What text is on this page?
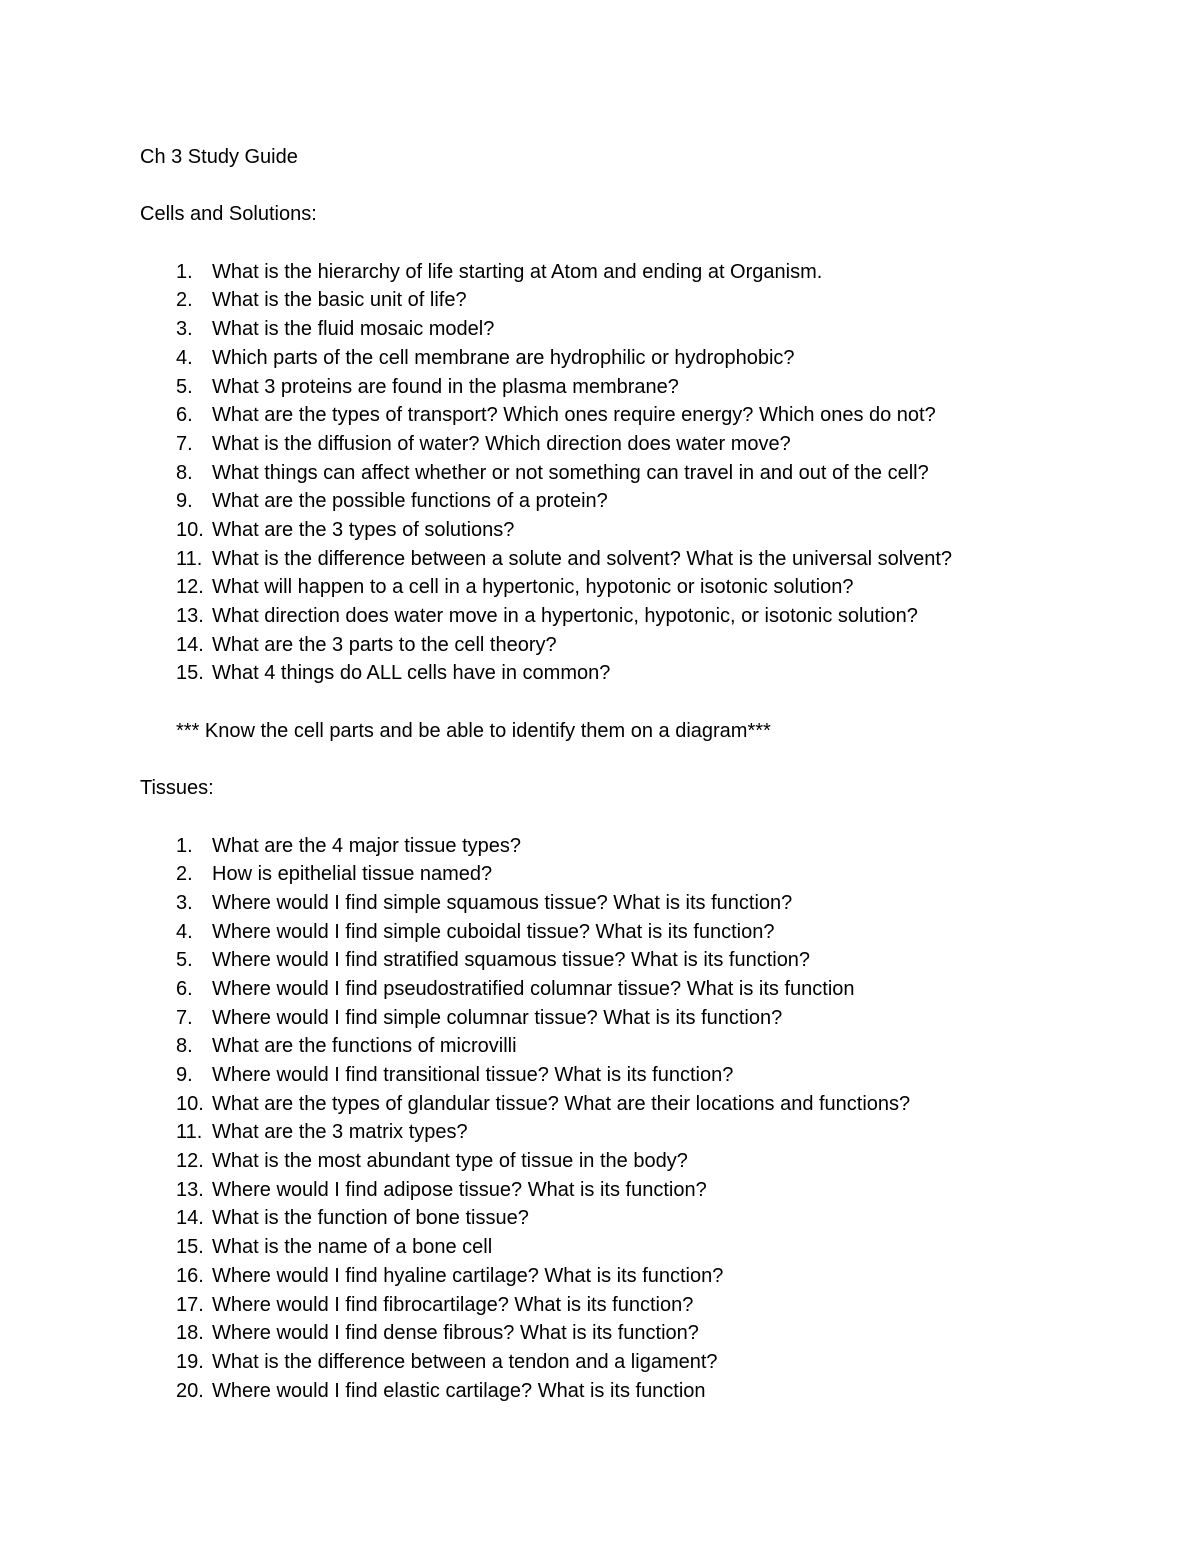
Ch 3 Study Guide
Cells and Solutions:
1. What is the hierarchy of life starting at Atom and ending at Organism.
2. What is the basic unit of life?
3. What is the fluid mosaic model?
4. Which parts of the cell membrane are hydrophilic or hydrophobic?
5. What 3 proteins are found in the plasma membrane?
6. What are the types of transport? Which ones require energy? Which ones do not?
7. What is the diffusion of water? Which direction does water move?
8. What things can affect whether or not something can travel in and out of the cell?
9. What are the possible functions of a protein?
10. What are the 3 types of solutions?
11. What is the difference between a solute and solvent? What is the universal solvent?
12. What will happen to a cell in a hypertonic, hypotonic or isotonic solution?
13. What direction does water move in a hypertonic, hypotonic, or isotonic solution?
14. What are the 3 parts to the cell theory?
15. What 4 things do ALL cells have in common?
*** Know the cell parts and be able to identify them on a diagram***
Tissues:
1. What are the 4 major tissue types?
2. How is epithelial tissue named?
3. Where would I find simple squamous tissue? What is its function?
4. Where would I find simple cuboidal tissue? What is its function?
5. Where would I find stratified squamous tissue? What is its function?
6. Where would I find pseudostratified columnar tissue? What is its function
7. Where would I find simple columnar tissue? What is its function?
8. What are the functions of microvilli
9. Where would I find transitional tissue? What is its function?
10. What are the types of glandular tissue? What are their locations and functions?
11. What are the 3 matrix types?
12. What is the most abundant type of tissue in the body?
13. Where would I find adipose tissue? What is its function?
14. What is the function of bone tissue?
15. What is the name of a bone cell
16. Where would I find hyaline cartilage? What is its function?
17. Where would I find fibrocartilage? What is its function?
18. Where would I find dense fibrous? What is its function?
19. What is the difference between a tendon and a ligament?
20. Where would I find elastic cartilage? What is its function
